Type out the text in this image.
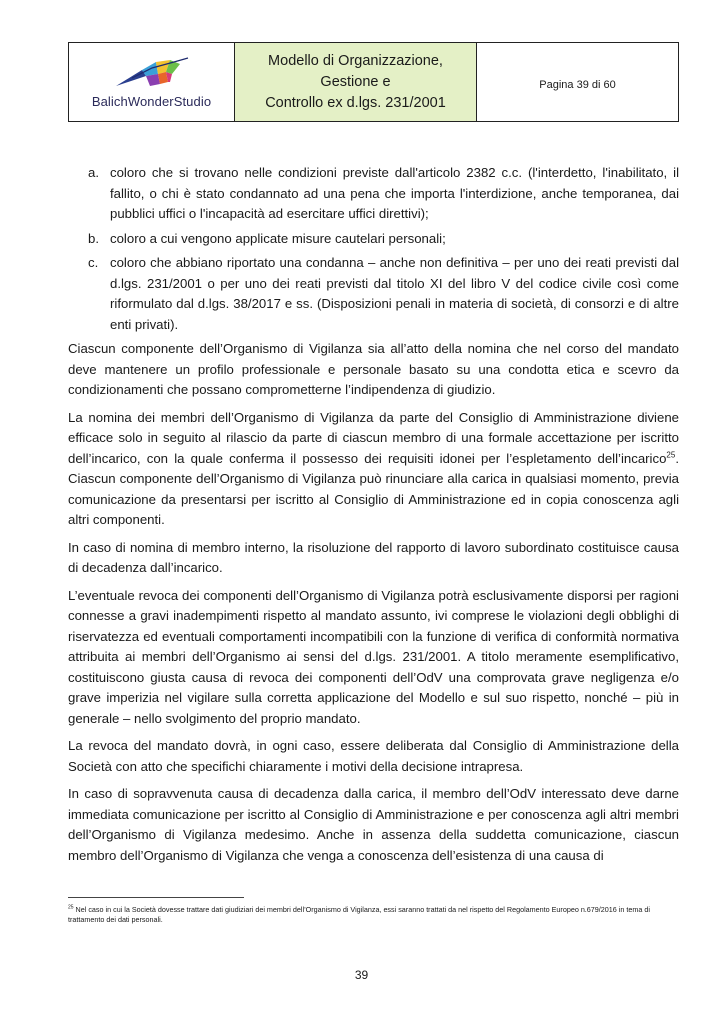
BalichWonderStudio
Modello di Organizzazione, Gestione e
Controllo ex d.lgs. 231/2001
Pagina 39 di 60
a. coloro che si trovano nelle condizioni previste dall'articolo 2382 c.c. (l'interdetto, l'inabilitato, il fallito, o chi è stato condannato ad una pena che importa l'interdizione, anche temporanea, dai pubblici uffici o l'incapacità ad esercitare uffici direttivi);
b. coloro a cui vengono applicate misure cautelari personali;
c. coloro che abbiano riportato una condanna – anche non definitiva – per uno dei reati previsti dal d.lgs. 231/2001 o per uno dei reati previsti dal titolo XI del libro V del codice civile così come riformulato dal d.lgs. 38/2017 e ss. (Disposizioni penali in materia di società, di consorzi e di altre enti privati).

Ciascun componente dell’Organismo di Vigilanza sia all’atto della nomina che nel corso del mandato deve mantenere un profilo professionale e personale basato su una condotta etica e scevro da condizionamenti che possano comprometterne l’indipendenza di giudizio.

La nomina dei membri dell’Organismo di Vigilanza da parte del Consiglio di Amministrazione diviene efficace solo in seguito al rilascio da parte di ciascun membro di una formale accettazione per iscritto dell’incarico, con la quale conferma il possesso dei requisiti idonei per l’espletamento dell’incarico$^{25}$. Ciascun componente dell’Organismo di Vigilanza può rinunciare alla carica in qualsiasi momento, previa comunicazione da presentarsi per iscritto al Consiglio di Amministrazione ed in copia conoscenza agli altri componenti.

In caso di nomina di membro interno, la risoluzione del rapporto di lavoro subordinato costituisce causa di decadenza dall’incarico.

L’eventuale revoca dei componenti dell’Organismo di Vigilanza potrà esclusivamente disporsi per ragioni connesse a gravi inadempimenti rispetto al mandato assunto, ivi comprese le violazioni degli obblighi di riservatezza ed eventuali comportamenti incompatibili con la funzione di verifica di conformità normativa attribuita ai membri dell’Organismo ai sensi del d.lgs. 231/2001. A titolo meramente esemplificativo, costituiscono giusta causa di revoca dei componenti dell’OdV una comprovata grave negligenza e/o grave imperizia nel vigilare sulla corretta applicazione del Modello e sul suo rispetto, nonché – più in generale – nello svolgimento del proprio mandato.

La revoca del mandato dovrà, in ogni caso, essere deliberata dal Consiglio di Amministrazione della Società con atto che specifichi chiaramente i motivi della decisione intrapresa.

In caso di sopravvenuta causa di decadenza dalla carica, il membro dell’OdV interessato deve darne immediata comunicazione per iscritto al Consiglio di Amministrazione e per conoscenza agli altri membri dell’Organismo di Vigilanza medesimo. Anche in assenza della suddetta comunicazione, ciascun membro dell’Organismo di Vigilanza che venga a conoscenza dell’esistenza di una causa di

$^{25}$ Nel caso in cui la Società dovesse trattare dati giudiziari dei membri dell’Organismo di Vigilanza, essi saranno trattati da nel rispetto del Regolamento Europeo n.679/2016 in tema di trattamento dei dati personali.
39
